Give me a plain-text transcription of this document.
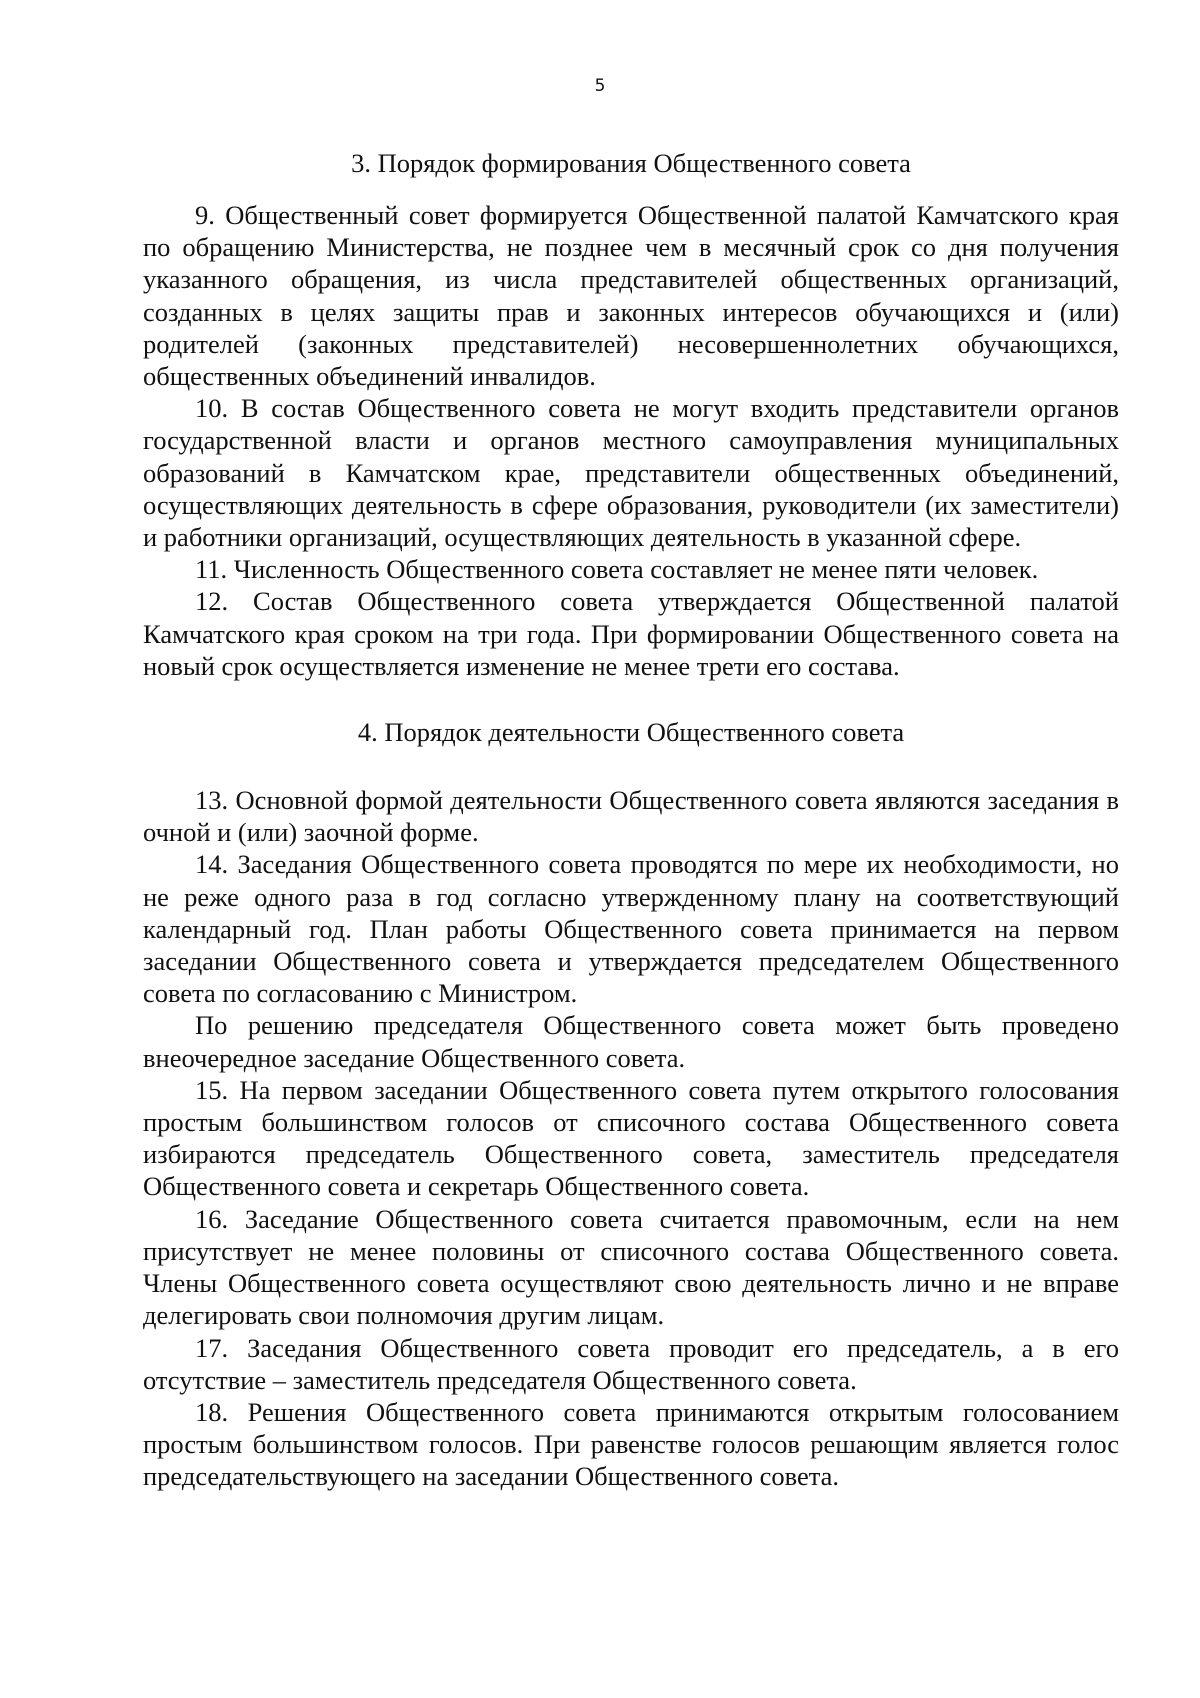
5
3. Порядок формирования Общественного совета

9. Общественный совет формируется Общественной палатой Камчатского края по обращению Министерства, не позднее чем в месячный срок со дня получения указанного обращения, из числа представителей общественных организаций, созданных в целях защиты прав и законных интересов обучающихся и (или) родителей (законных представителей) несовершеннолетних обучающихся, общественных объединений инвалидов.

10. В состав Общественного совета не могут входить представители органов государственной власти и органов местного самоуправления муниципальных образований в Камчатском крае, представители общественных объединений, осуществляющих деятельность в сфере образования, руководители (их заместители) и работники организаций, осуществляющих деятельность в указанной сфере.

11. Численность Общественного совета составляет не менее пяти человек.

12. Состав Общественного совета утверждается Общественной палатой Камчатского края сроком на три года. При формировании Общественного совета на новый срок осуществляется изменение не менее трети его состава.

4. Порядок деятельности Общественного совета

13. Основной формой деятельности Общественного совета являются заседания в очной и (или) заочной форме.

14. Заседания Общественного совета проводятся по мере их необходимости, но не реже одного раза в год согласно утвержденному плану на соответствующий календарный год. План работы Общественного совета принимается на первом заседании Общественного совета и утверждается председателем Общественного совета по согласованию с Министром.

По решению председателя Общественного совета может быть проведено внеочередное заседание Общественного совета.

15. На первом заседании Общественного совета путем открытого голосования простым большинством голосов от списочного состава Общественного совета избираются председатель Общественного совета, заместитель председателя Общественного совета и секретарь Общественного совета.

16. Заседание Общественного совета считается правомочным, если на нем присутствует не менее половины от списочного состава Общественного совета. Члены Общественного совета осуществляют свою деятельность лично и не вправе делегировать свои полномочия другим лицам.

17. Заседания Общественного совета проводит его председатель, а в его отсутствие – заместитель председателя Общественного совета.

18. Решения Общественного совета принимаются открытым голосованием простым большинством голосов. При равенстве голосов решающим является голос председательствующего на заседании Общественного совета.
